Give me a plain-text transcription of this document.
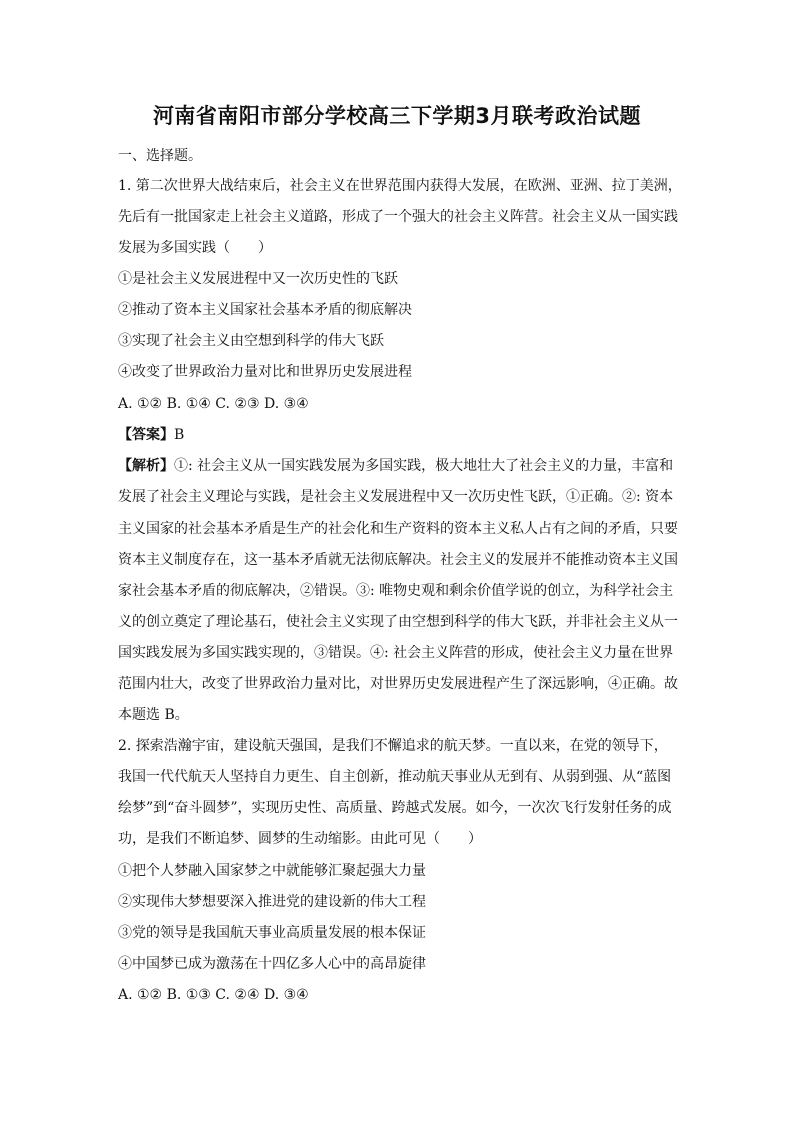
河南省南阳市部分学校高三下学期3月联考政治试题
一、选择题。
1. 第二次世界大战结束后，社会主义在世界范围内获得大发展，在欧洲、亚洲、拉丁美洲，
先后有一批国家走上社会主义道路，形成了一个强大的社会主义阵营。社会主义从一国实践
发展为多国实践（　　）
①是社会主义发展进程中又一次历史性的飞跃
②推动了资本主义国家社会基本矛盾的彻底解决
③实现了社会主义由空想到科学的伟大飞跃
④改变了世界政治力量对比和世界历史发展进程
A. ①② B. ①④ C. ②③ D. ③④
【答案】B
【解析】①: 社会主义从一国实践发展为多国实践，极大地壮大了社会主义的力量，丰富和
发展了社会主义理论与实践，是社会主义发展进程中又一次历史性飞跃，①正确。②: 资本
主义国家的社会基本矛盾是生产的社会化和生产资料的资本主义私人占有之间的矛盾，只要
资本主义制度存在，这一基本矛盾就无法彻底解决。社会主义的发展并不能推动资本主义国
家社会基本矛盾的彻底解决，②错误。③: 唯物史观和剩余价值学说的创立，为科学社会主
义的创立奠定了理论基石，使社会主义实现了由空想到科学的伟大飞跃，并非社会主义从一
国实践发展为多国实践实现的，③错误。④: 社会主义阵营的形成，使社会主义力量在世界
范围内壮大，改变了世界政治力量对比，对世界历史发展进程产生了深远影响，④正确。故
本题选 B。
2. 探索浩瀚宇宙，建设航天强国，是我们不懈追求的航天梦。一直以来，在党的领导下，
我国一代代航天人坚持自力更生、自主创新，推动航天事业从无到有、从弱到强、从“蓝图
绘梦”到“奋斗圆梦”，实现历史性、高质量、跨越式发展。如今，一次次飞行发射任务的成
功，是我们不断追梦、圆梦的生动缩影。由此可见（　　）
①把个人梦融入国家梦之中就能够汇聚起强大力量
②实现伟大梦想要深入推进党的建设新的伟大工程
③党的领导是我国航天事业高质量发展的根本保证
④中国梦已成为激荡在十四亿多人心中的高昂旋律
A. ①② B. ①③ C. ②④ D. ③④
